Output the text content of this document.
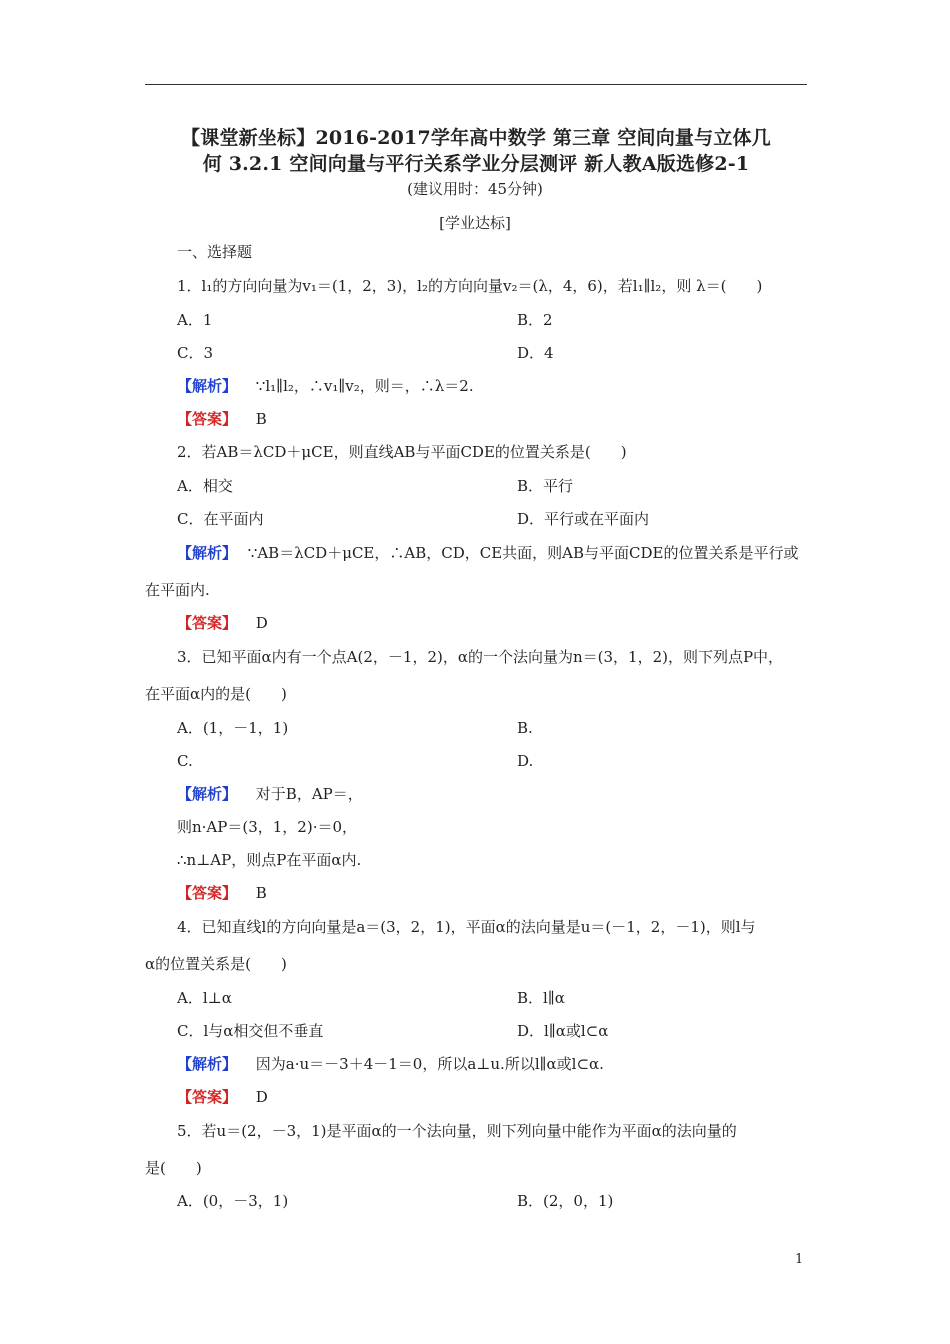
【课堂新坐标】2016-2017学年高中数学 第三章 空间向量与立体几
何 3.2.1 空间向量与平行关系学业分层测评 新人教A版选修2-1
(建议用时：45分钟)
[学业达标]
一、选择题
1．l₁的方向向量为v₁＝(1，2，3)，l₂的方向向量v₂＝(λ，4，6)，若l₁∥l₂，则 λ＝(　　)
A．1	B．2
C．3	D．4
【解析】 ∵l₁∥l₂，∴v₁∥v₂，则＝，∴λ＝2.
【答案】 B
2．若AB＝λCD＋μCE，则直线AB与平面CDE的位置关系是(　　)
A．相交	B．平行
C．在平面内	D．平行或在平面内
【解析】 ∵AB＝λCD＋μCE，∴AB，CD，CE共面，则AB与平面CDE的位置关系是平行或
在平面内.
【答案】 D
3．已知平面α内有一个点A(2，－1，2)，α的一个法向量为n＝(3，1，2)，则下列点P中，
在平面α内的是(　　)
A．(1，－1，1)	B.
C.	D.
【解析】 对于B，AP＝，
则n·AP＝(3，1，2)·＝0，
∴n⊥AP，则点P在平面α内.
【答案】 B
4．已知直线l的方向向量是a＝(3，2，1)，平面α的法向量是u＝(－1，2，－1)，则l与
α的位置关系是(　　)
A．l⊥α	B．l∥α
C．l与α相交但不垂直	D．l∥α或l⊂α
【解析】 因为a·u＝－3＋4－1＝0，所以a⊥u.所以l∥α或l⊂α.
【答案】 D
5．若u＝(2，－3，1)是平面α的一个法向量，则下列向量中能作为平面α的法向量的
是(　　)
A．(0，－3，1)	B．(2，0，1)
1
